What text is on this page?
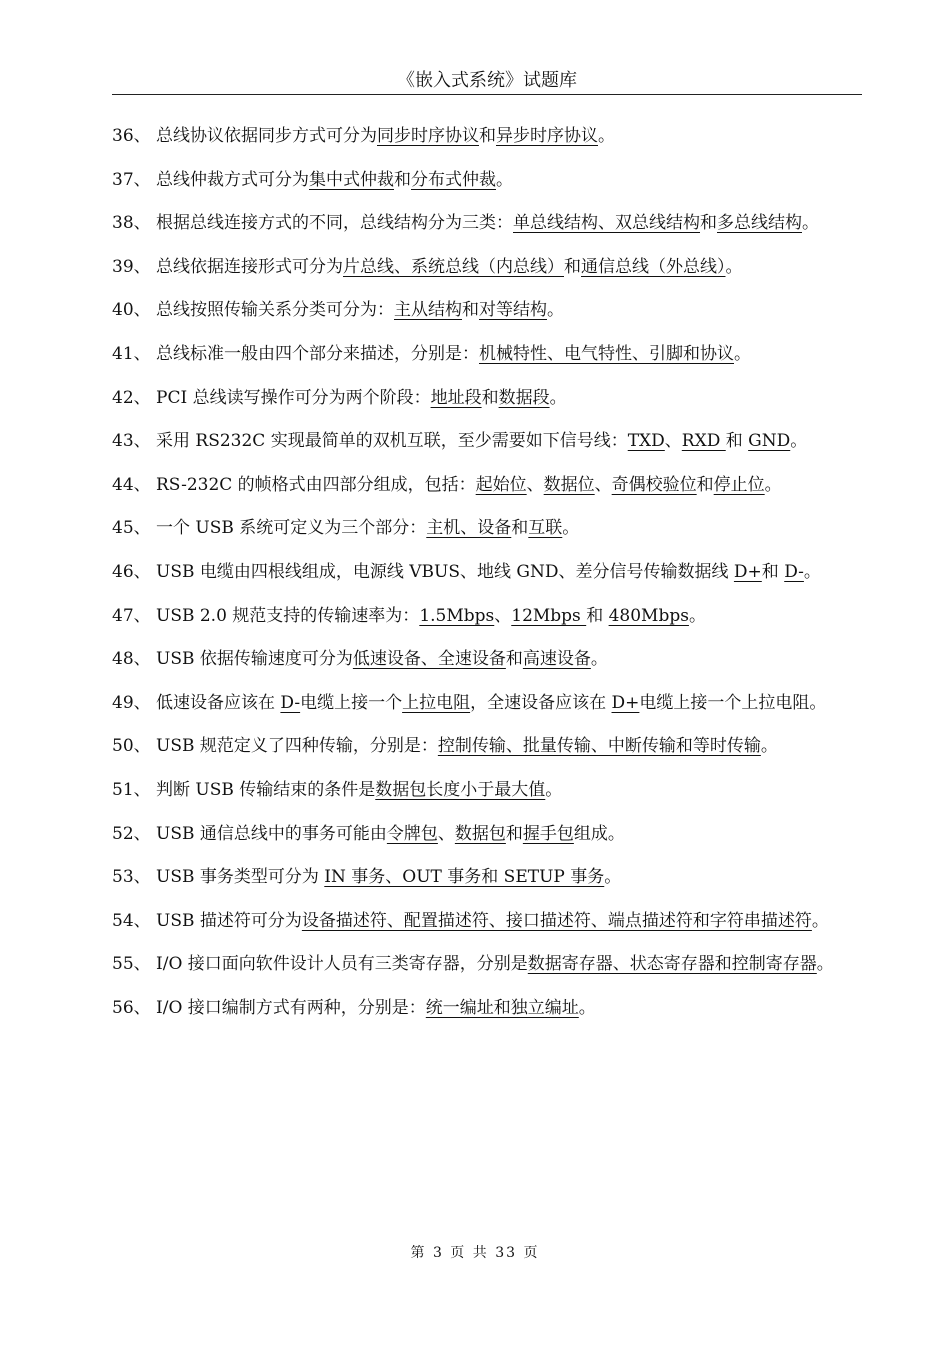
《嵌入式系统》试题库
36、 总线协议依据同步方式可分为同步时序协议和异步时序协议。
37、 总线仲裁方式可分为集中式仲裁和分布式仲裁。
38、 根据总线连接方式的不同，总线结构分为三类：单总线结构、双总线结构和多总线结构。
39、 总线依据连接形式可分为片总线、系统总线（内总线）和通信总线（外总线）。
40、 总线按照传输关系分类可分为：主从结构和对等结构。
41、 总线标准一般由四个部分来描述，分别是：机械特性、电气特性、引脚和协议。
42、 PCI 总线读写操作可分为两个阶段：地址段和数据段。
43、 采用 RS232C 实现最简单的双机互联，至少需要如下信号线：TXD、RXD 和 GND。
44、 RS-232C 的帧格式由四部分组成，包括：起始位、数据位、奇偶校验位和停止位。
45、 一个 USB 系统可定义为三个部分：主机、设备和互联。
46、 USB 电缆由四根线组成，电源线 VBUS、地线 GND、差分信号传输数据线 D+和 D-。
47、 USB 2.0 规范支持的传输速率为：1.5Mbps、12Mbps 和 480Mbps。
48、 USB 依据传输速度可分为低速设备、全速设备和高速设备。
49、 低速设备应该在 D-电缆上接一个上拉电阻，全速设备应该在 D+电缆上接一个上拉电阻。
50、 USB 规范定义了四种传输，分别是：控制传输、批量传输、中断传输和等时传输。
51、 判断 USB 传输结束的条件是数据包长度小于最大值。
52、 USB 通信总线中的事务可能由令牌包、数据包和握手包组成。
53、 USB 事务类型可分为 IN 事务、OUT 事务和 SETUP 事务。
54、 USB 描述符可分为设备描述符、配置描述符、接口描述符、端点描述符和字符串描述符。
55、 I/O 接口面向软件设计人员有三类寄存器，分别是数据寄存器、状态寄存器和控制寄存器。
56、 I/O 接口编制方式有两种，分别是：统一编址和独立编址。
第 3 页 共 33 页
